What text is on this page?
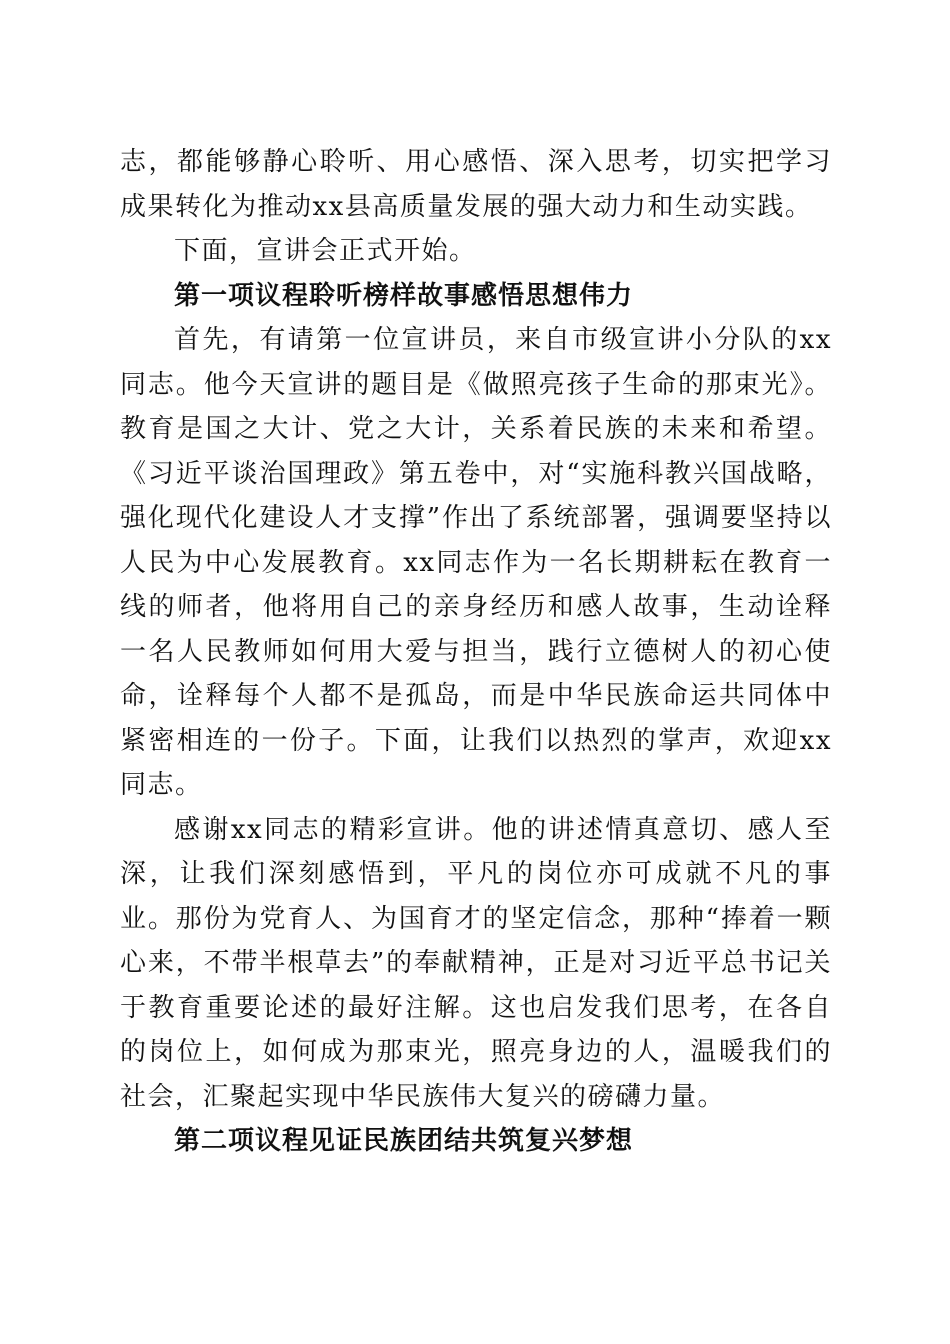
志，都能够静心聆听、用心感悟、深入思考，切实把学习成果转化为推动xx县高质量发展的强大动力和生动实践。

下面，宣讲会正式开始。

第一项议程聆听榜样故事感悟思想伟力

首先，有请第一位宣讲员，来自市级宣讲小分队的xx同志。他今天宣讲的题目是《做照亮孩子生命的那束光》。教育是国之大计、党之大计，关系着民族的未来和希望。《习近平谈治国理政》第五卷中，对“实施科教兴国战略，强化现代化建设人才支撑”作出了系统部署，强调要坚持以人民为中心发展教育。xx同志作为一名长期耕耘在教育一线的师者，他将用自己的亲身经历和感人故事，生动诠释一名人民教师如何用大爱与担当，践行立德树人的初心使命，诠释每个人都不是孤岛，而是中华民族命运共同体中紧密相连的一份子。下面，让我们以热烈的掌声，欢迎xx同志。

感谢xx同志的精彩宣讲。他的讲述情真意切、感人至深，让我们深刻感悟到，平凡的岗位亦可成就不凡的事业。那份为党育人、为国育才的坚定信念，那种“捧着一颗心来，不带半根草去”的奉献精神，正是对习近平总书记关于教育重要论述的最好注解。这也启发我们思考，在各自的岗位上，如何成为那束光，照亮身边的人，温暖我们的社会，汇聚起实现中华民族伟大复兴的磅礴力量。

第二项议程见证民族团结共筑复兴梦想
